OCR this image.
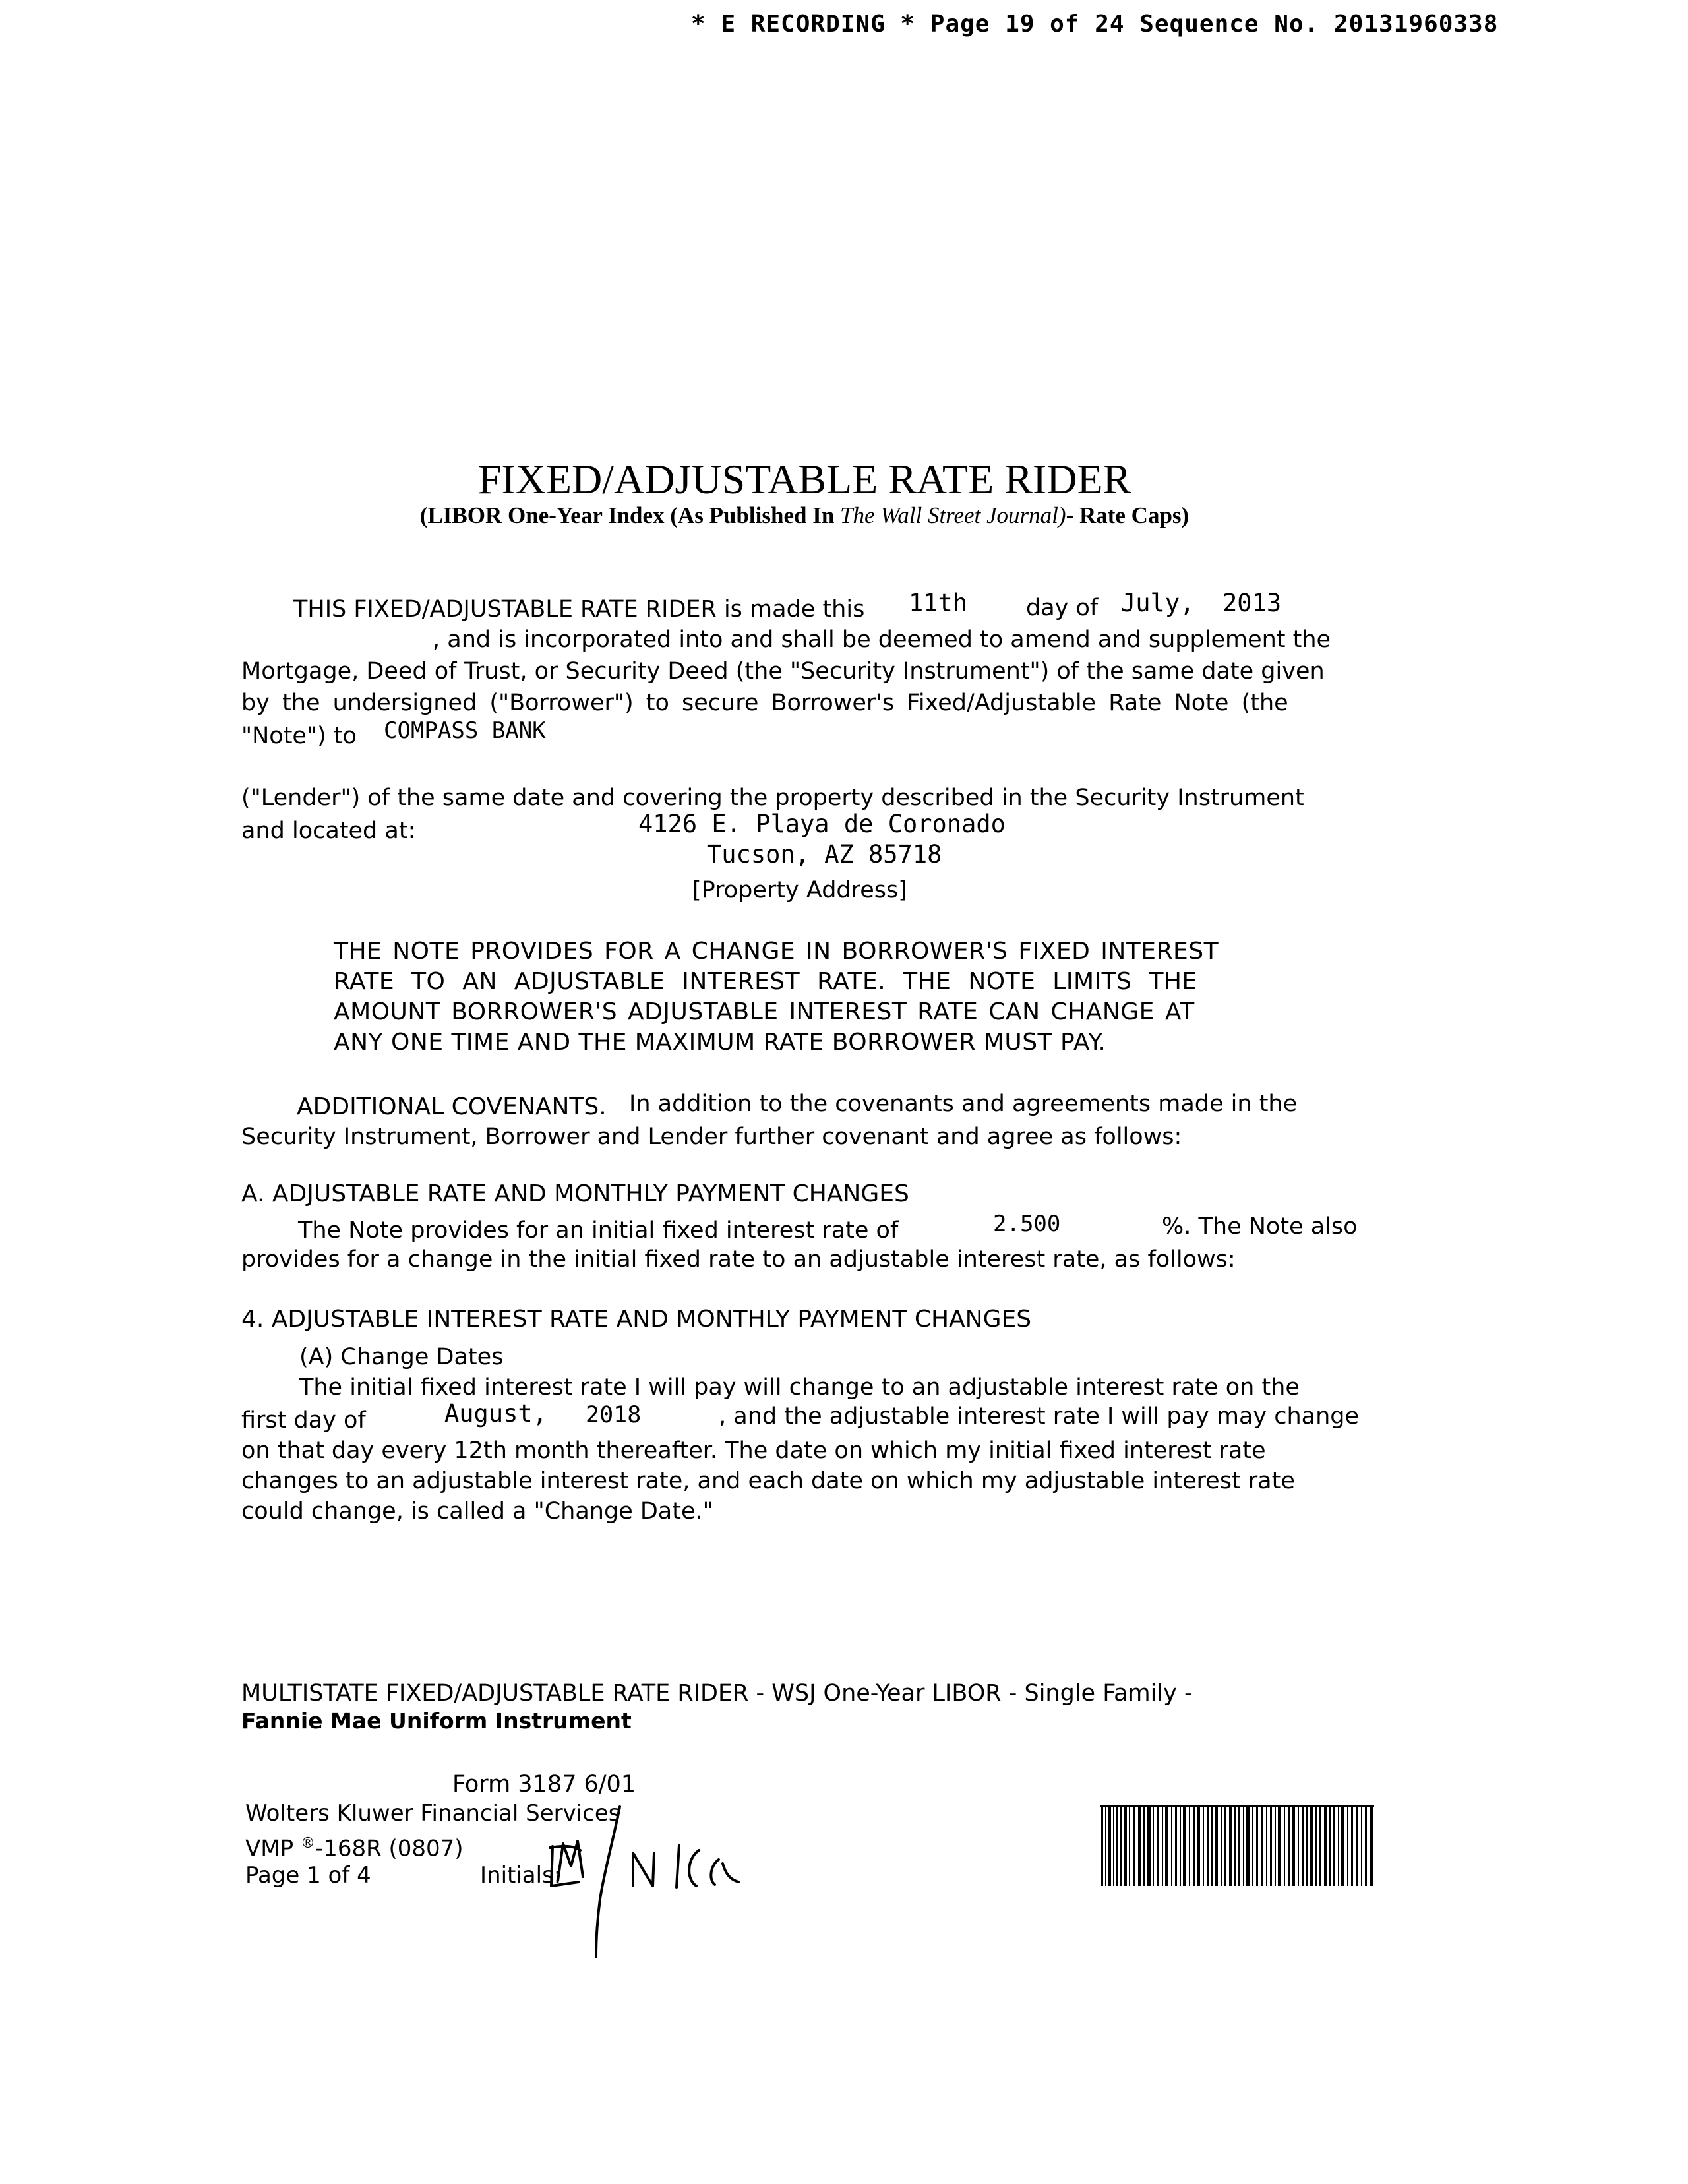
* E RECORDING * Page 19 of 24 Sequence No. 20131960338
FIXED/ADJUSTABLE RATE RIDER
(LIBOR One-Year Index (As Published In The Wall Street Journal)- Rate Caps)
THIS FIXED/ADJUSTABLE RATE RIDER is made this 11th	day of July, 2013
, and is incorporated into and shall be deemed to amend and supplement the
Mortgage, Deed of Trust, or Security Deed (the "Security Instrument") of the same date given
by the undersigned ("Borrower") to secure Borrower's Fixed/Adjustable Rate Note (the
"Note") to COMPASS BANK
("Lender") of the same date and covering the property described in the Security Instrument
and located at:	4126 E. Playa de Coronado
Tucson, AZ 85718
[Property Address]
THE NOTE PROVIDES FOR A CHANGE IN BORROWER'S FIXED INTEREST
RATE TO AN ADJUSTABLE INTEREST RATE. THE NOTE LIMITS THE
AMOUNT BORROWER'S ADJUSTABLE INTEREST RATE CAN CHANGE AT
ANY ONE TIME AND THE MAXIMUM RATE BORROWER MUST PAY.
ADDITIONAL COVENANTS. In addition to the covenants and agreements made in the
Security Instrument, Borrower and Lender further covenant and agree as follows:
A. ADJUSTABLE RATE AND MONTHLY PAYMENT CHANGES
The Note provides for an initial fixed interest rate of	2.500	%. The Note also
provides for a change in the initial fixed rate to an adjustable interest rate, as follows:
4. ADJUSTABLE INTEREST RATE AND MONTHLY PAYMENT CHANGES
(A) Change Dates
The initial fixed interest rate I will pay will change to an adjustable interest rate on the
first day of	August, 2018	, and the adjustable interest rate I will pay may change
on that day every 12th month thereafter. The date on which my initial fixed interest rate
changes to an adjustable interest rate, and each date on which my adjustable interest rate
could change, is called a "Change Date."
MULTISTATE FIXED/ADJUSTABLE RATE RIDER - WSJ One-Year LIBOR - Single Family -
Fannie Mae Uniform Instrument
Form 3187 6/01
Wolters Kluwer Financial Services
VMP ®-168R (0807)
Page 1 of 4	Initials:
